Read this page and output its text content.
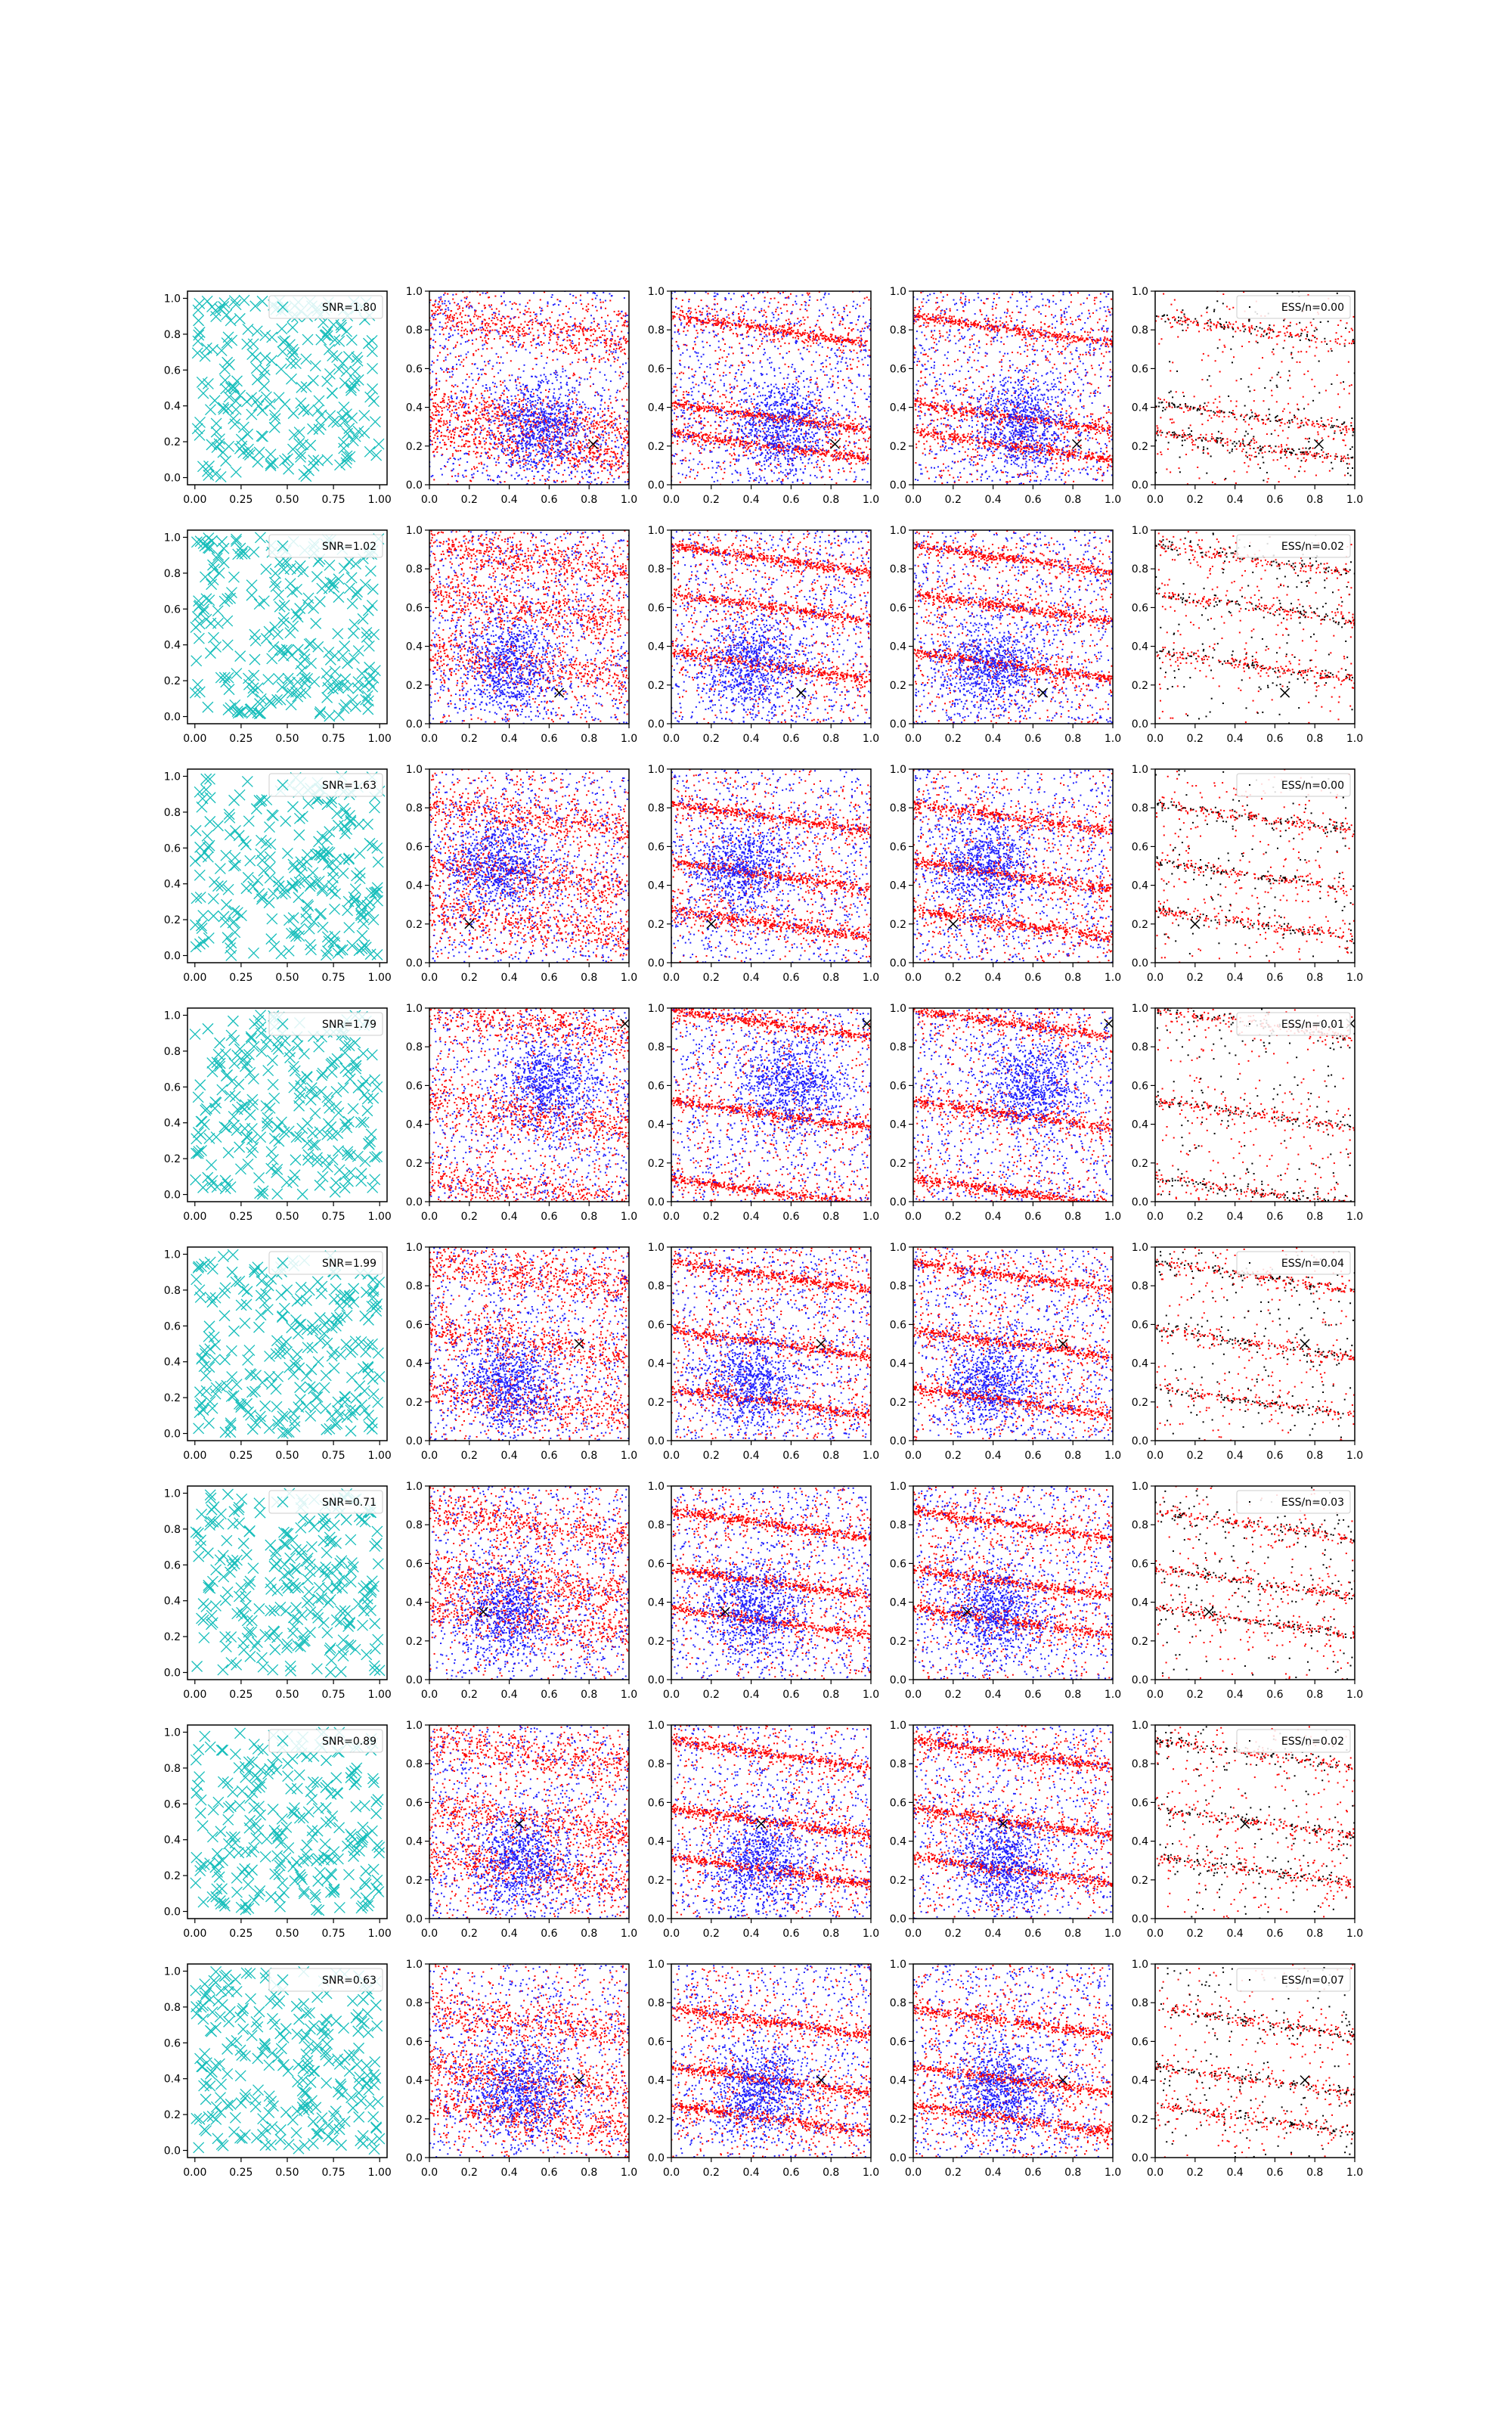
0.00 0.25 0.50 0.75 1.00
0.0
0.2
0.4
0.6
0.8
1.0
SNR=1.80
0.0 0.2 0.4 0.6 0.8 1.0
0.0
0.2
0.4
0.6
0.8
1.0
0.0 0.2 0.4 0.6 0.8 1.0
0.0
0.2
0.4
0.6
0.8
1.0
0.0 0.2 0.4 0.6 0.8 1.0
0.0
0.2
0.4
0.6
0.8
1.0
0.0 0.2 0.4 0.6 0.8 1.0
0.0
0.2
0.4
0.6
0.8
1.0
ESS/n=0.00
0.00 0.25 0.50 0.75 1.00
0.0
0.2
0.4
0.6
0.8
1.0
SNR=1.02
0.0 0.2 0.4 0.6 0.8 1.0
0.0
0.2
0.4
0.6
0.8
1.0
0.0 0.2 0.4 0.6 0.8 1.0
0.0
0.2
0.4
0.6
0.8
1.0
0.0 0.2 0.4 0.6 0.8 1.0
0.0
0.2
0.4
0.6
0.8
1.0
0.0 0.2 0.4 0.6 0.8 1.0
0.0
0.2
0.4
0.6
0.8
1.0
ESS/n=0.02
0.00 0.25 0.50 0.75 1.00
0.0
0.2
0.4
0.6
0.8
1.0
SNR=1.63
0.0 0.2 0.4 0.6 0.8 1.0
0.0
0.2
0.4
0.6
0.8
1.0
0.0 0.2 0.4 0.6 0.8 1.0
0.0
0.2
0.4
0.6
0.8
1.0
0.0 0.2 0.4 0.6 0.8 1.0
0.0
0.2
0.4
0.6
0.8
1.0
0.0 0.2 0.4 0.6 0.8 1.0
0.0
0.2
0.4
0.6
0.8
1.0
ESS/n=0.00
0.00 0.25 0.50 0.75 1.00
0.0
0.2
0.4
0.6
0.8
1.0
SNR=1.79
0.0 0.2 0.4 0.6 0.8 1.0
0.0
0.2
0.4
0.6
0.8
1.0
0.0 0.2 0.4 0.6 0.8 1.0
0.0
0.2
0.4
0.6
0.8
1.0
0.0 0.2 0.4 0.6 0.8 1.0
0.0
0.2
0.4
0.6
0.8
1.0
0.0 0.2 0.4 0.6 0.8 1.0
0.0
0.2
0.4
0.6
0.8
1.0
ESS/n=0.01
0.00 0.25 0.50 0.75 1.00
0.0
0.2
0.4
0.6
0.8
1.0
SNR=1.99
0.0 0.2 0.4 0.6 0.8 1.0
0.0
0.2
0.4
0.6
0.8
1.0
0.0 0.2 0.4 0.6 0.8 1.0
0.0
0.2
0.4
0.6
0.8
1.0
0.0 0.2 0.4 0.6 0.8 1.0
0.0
0.2
0.4
0.6
0.8
1.0
0.0 0.2 0.4 0.6 0.8 1.0
0.0
0.2
0.4
0.6
0.8
1.0
ESS/n=0.04
0.00 0.25 0.50 0.75 1.00
0.0
0.2
0.4
0.6
0.8
1.0
SNR=0.71
0.0 0.2 0.4 0.6 0.8 1.0
0.0
0.2
0.4
0.6
0.8
1.0
0.0 0.2 0.4 0.6 0.8 1.0
0.0
0.2
0.4
0.6
0.8
1.0
0.0 0.2 0.4 0.6 0.8 1.0
0.0
0.2
0.4
0.6
0.8
1.0
0.0 0.2 0.4 0.6 0.8 1.0
0.0
0.2
0.4
0.6
0.8
1.0
ESS/n=0.03
0.00 0.25 0.50 0.75 1.00
0.0
0.2
0.4
0.6
0.8
1.0
SNR=0.89
0.0 0.2 0.4 0.6 0.8 1.0
0.0
0.2
0.4
0.6
0.8
1.0
0.0 0.2 0.4 0.6 0.8 1.0
0.0
0.2
0.4
0.6
0.8
1.0
0.0 0.2 0.4 0.6 0.8 1.0
0.0
0.2
0.4
0.6
0.8
1.0
0.0 0.2 0.4 0.6 0.8 1.0
0.0
0.2
0.4
0.6
0.8
1.0
ESS/n=0.02
0.00 0.25 0.50 0.75 1.00
0.0
0.2
0.4
0.6
0.8
1.0
SNR=0.63
0.0 0.2 0.4 0.6 0.8 1.0
0.0
0.2
0.4
0.6
0.8
1.0
0.0 0.2 0.4 0.6 0.8 1.0
0.0
0.2
0.4
0.6
0.8
1.0
0.0 0.2 0.4 0.6 0.8 1.0
0.0
0.2
0.4
0.6
0.8
1.0
0.0 0.2 0.4 0.6 0.8 1.0
0.0
0.2
0.4
0.6
0.8
1.0
ESS/n=0.07
